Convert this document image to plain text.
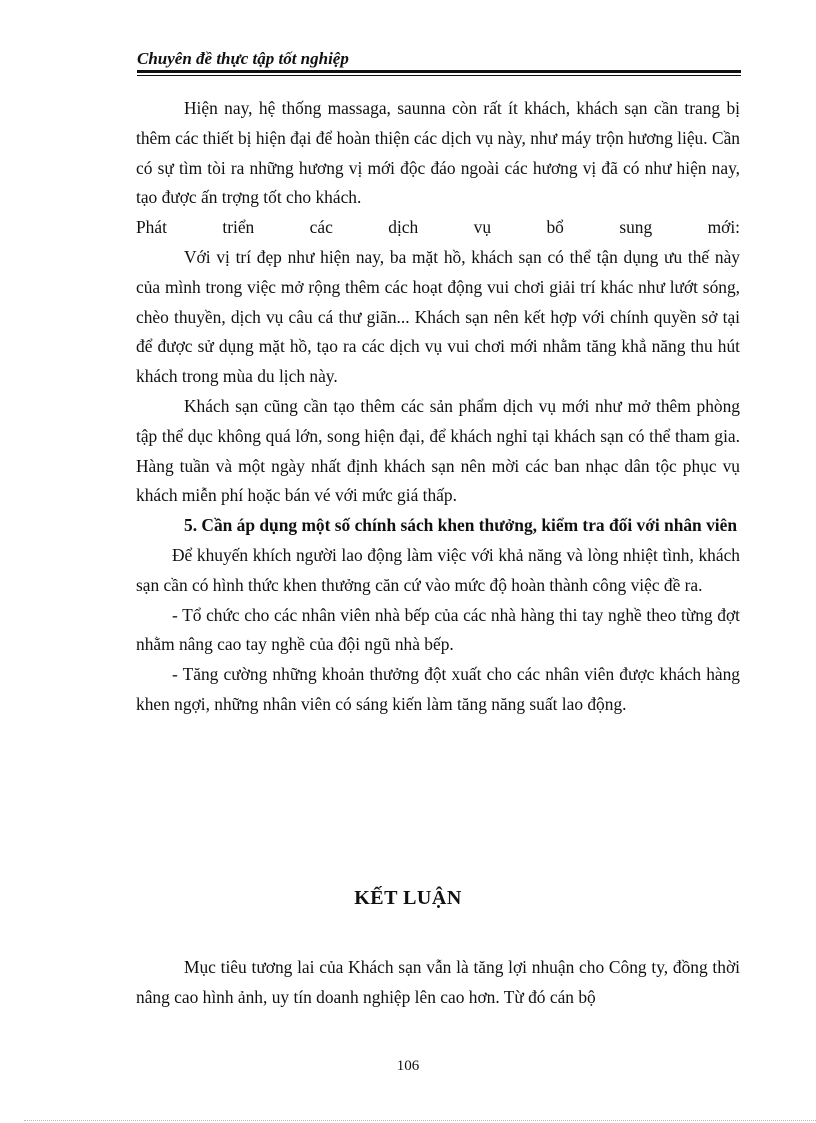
Chuyên đề thực tập tốt nghiệp

Hiện nay, hệ thống massaga, saunna còn rất ít khách, khách sạn cần trang bị thêm các thiết bị hiện đại để hoàn thiện các dịch vụ này, như máy trộn hương liệu. Cần có sự tìm tòi ra những hương vị mới độc đáo ngoài các hương vị đã có như hiện nay, tạo được ấn trợng tốt cho khách.

Phát triển các dịch vụ bổ sung mới:

Với vị trí đẹp như hiện nay, ba mặt hồ, khách sạn có thể tận dụng ưu thế này của mình trong việc mở rộng thêm các hoạt động vui chơi giải trí khác như lướt sóng, chèo thuyền, dịch vụ câu cá thư giãn... Khách sạn nên kết hợp với chính quyền sở tại để được sử dụng mặt hồ, tạo ra các dịch vụ vui chơi mới nhằm tăng khẳ năng thu hút khách trong mùa du lịch này.

Khách sạn cũng cần tạo thêm các sản phẩm dịch vụ mới như mở thêm phòng tập thể dục không quá lớn, song hiện đại, để khách nghỉ tại khách sạn có thể tham gia. Hàng tuần và một ngày nhất định khách sạn nên mời các ban nhạc dân tộc phục vụ khách miễn phí hoặc bán vé với mức giá thấp.

5. Cần áp dụng một số chính sách khen thưởng, kiểm tra đối với nhân viên

Để khuyến khích người lao động làm việc với khả năng và lòng nhiệt tình, khách sạn cần có hình thức khen thưởng căn cứ vào mức độ hoàn thành công việc đề ra.

- Tổ chức cho các nhân viên nhà bếp của các nhà hàng thi tay nghề theo từng đợt nhằm nâng cao tay nghề của đội ngũ nhà bếp.

- Tăng cường những khoản thưởng đột xuất cho các nhân viên được khách hàng khen ngợi, những nhân viên có sáng kiến làm tăng năng suất lao động.

KẾT LUẬN

Mục tiêu tương lai của Khách sạn vẫn là tăng lợi nhuận cho Công ty, đồng thời nâng cao hình ảnh, uy tín doanh nghiệp lên cao hơn. Từ đó cán bộ

106
